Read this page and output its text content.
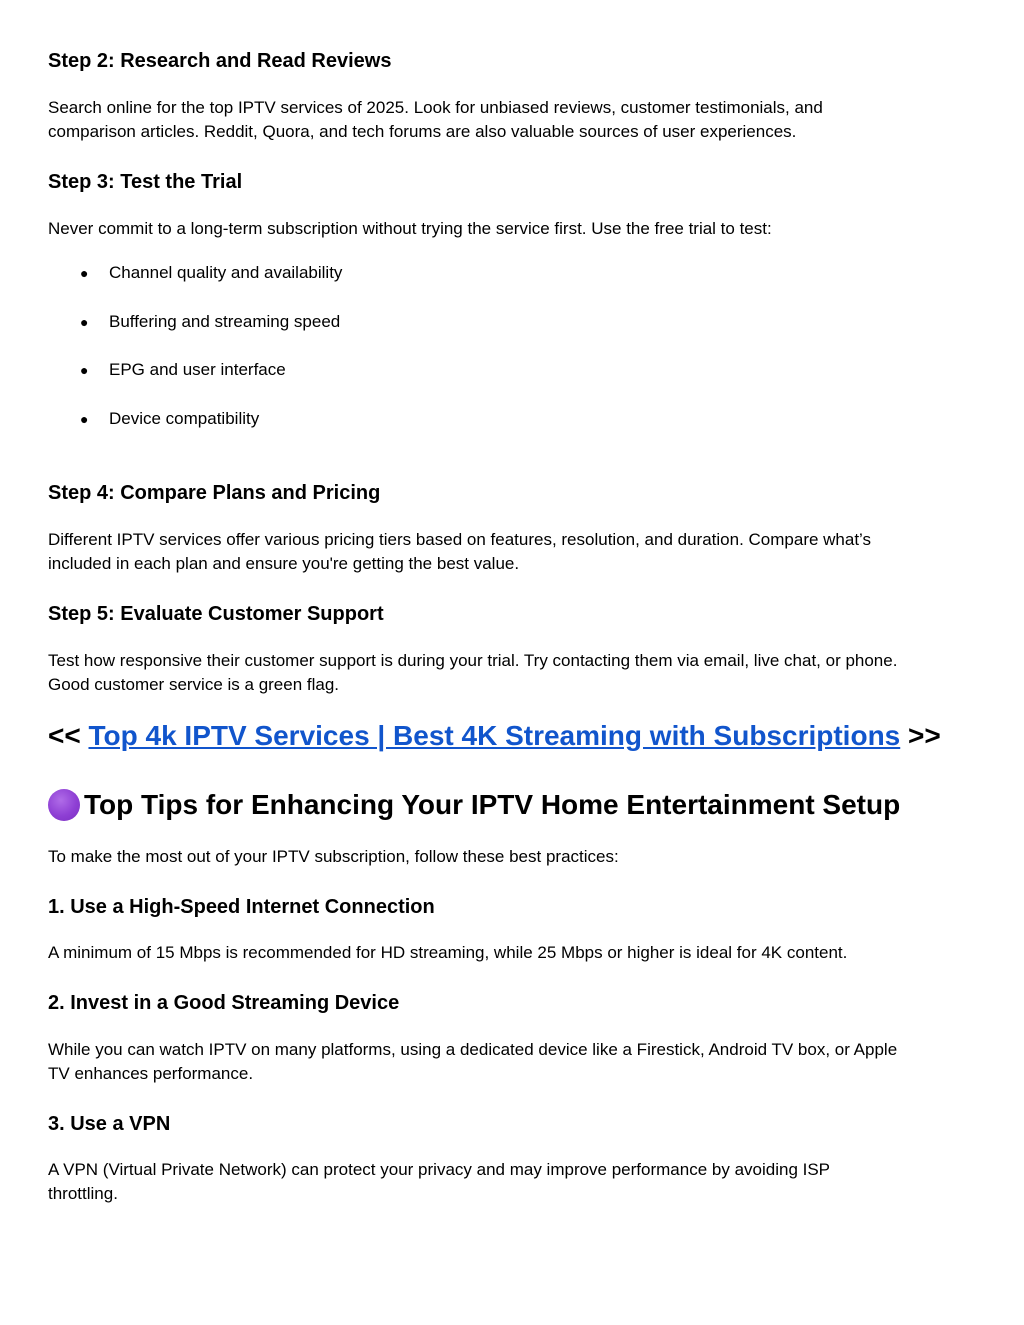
Step 2: Research and Read Reviews

Search online for the top IPTV services of 2025. Look for unbiased reviews, customer testimonials, and
comparison articles. Reddit, Quora, and tech forums are also valuable sources of user experiences.

Step 3: Test the Trial

Never commit to a long-term subscription without trying the service first. Use the free trial to test:

● Channel quality and availability
● Buffering and streaming speed
● EPG and user interface
● Device compatibility
Step 4: Compare Plans and Pricing

Different IPTV services offer various pricing tiers based on features, resolution, and duration. Compare what’s
included in each plan and ensure you're getting the best value.

Step 5: Evaluate Customer Support

Test how responsive their customer support is during your trial. Try contacting them via email, live chat, or phone.
Good customer service is a green flag.

<< Top 4k IPTV Services | Best 4K Streaming with Subscriptions >>
Top Tips for Enhancing Your IPTV Home Entertainment Setup

To make the most out of your IPTV subscription, follow these best practices:

1. Use a High-Speed Internet Connection

A minimum of 15 Mbps is recommended for HD streaming, while 25 Mbps or higher is ideal for 4K content.

2. Invest in a Good Streaming Device

While you can watch IPTV on many platforms, using a dedicated device like a Firestick, Android TV box, or Apple
TV enhances performance.

3. Use a VPN

A VPN (Virtual Private Network) can protect your privacy and may improve performance by avoiding ISP
throttling.
